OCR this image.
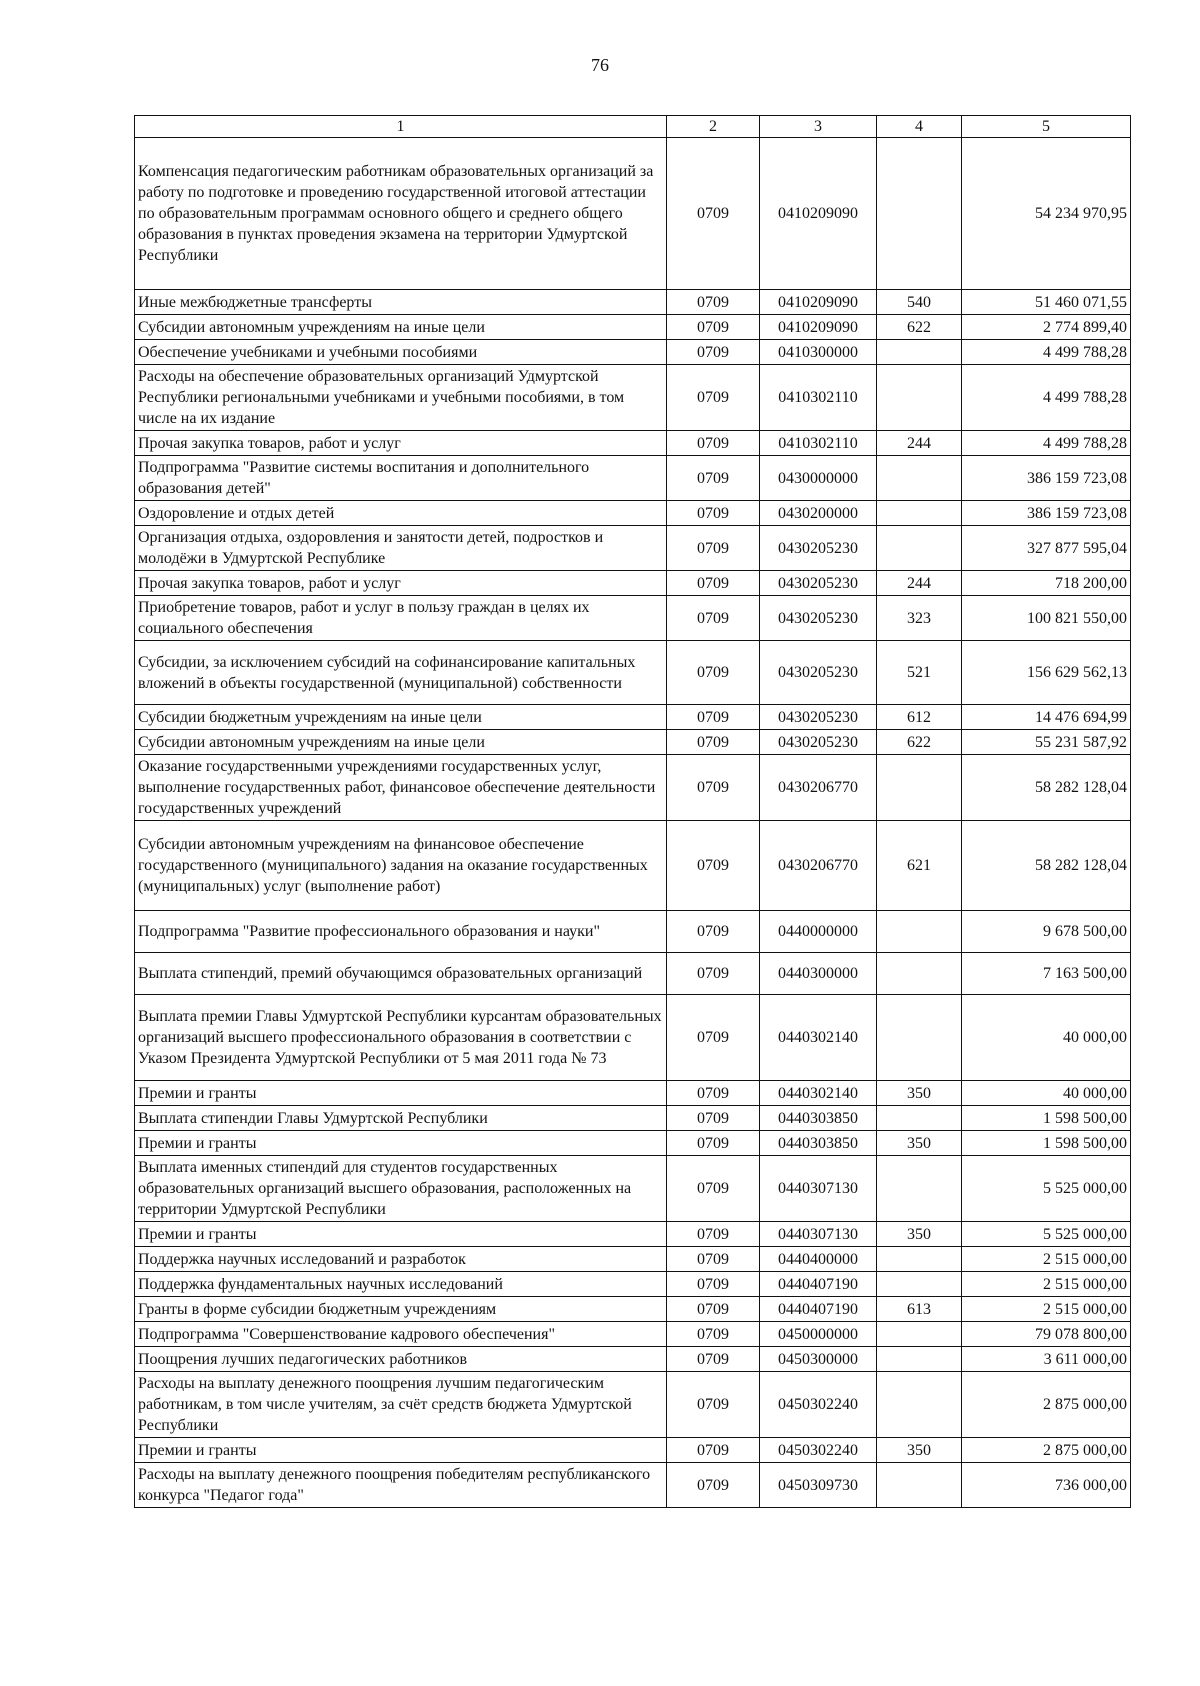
76
1	2	3	4	5
Компенсация педагогическим работникам образовательных организаций за работу по подготовке и проведению государственной итоговой аттестации по образовательным программам основного общего и среднего общего образования в пунктах проведения экзамена на территории Удмуртской Республики	0709	0410209090		54 234 970,95
Иные межбюджетные трансферты	0709	0410209090	540	51 460 071,55
Субсидии автономным учреждениям на иные цели	0709	0410209090	622	2 774 899,40
Обеспечение учебниками и учебными пособиями	0709	0410300000		4 499 788,28
Расходы на обеспечение образовательных организаций Удмуртской Республики региональными учебниками и учебными пособиями, в том числе на их издание	0709	0410302110		4 499 788,28
Прочая закупка товаров, работ и услуг	0709	0410302110	244	4 499 788,28
Подпрограмма "Развитие системы воспитания и дополнительного образования детей"	0709	0430000000		386 159 723,08
Оздоровление и отдых детей	0709	0430200000		386 159 723,08
Организация отдыха, оздоровления и занятости детей, подростков и молодёжи в Удмуртской Республике	0709	0430205230		327 877 595,04
Прочая закупка товаров, работ и услуг	0709	0430205230	244	718 200,00
Приобретение товаров, работ и услуг в пользу граждан в целях их социального обеспечения	0709	0430205230	323	100 821 550,00
Субсидии, за исключением субсидий на софинансирование капитальных вложений в объекты государственной (муниципальной) собственности	0709	0430205230	521	156 629 562,13
Субсидии бюджетным учреждениям на иные цели	0709	0430205230	612	14 476 694,99
Субсидии автономным учреждениям на иные цели	0709	0430205230	622	55 231 587,92
Оказание государственными учреждениями государственных услуг, выполнение государственных работ, финансовое обеспечение деятельности государственных учреждений	0709	0430206770		58 282 128,04
Субсидии автономным учреждениям на финансовое обеспечение государственного (муниципального) задания на оказание государственных (муниципальных) услуг (выполнение работ)	0709	0430206770	621	58 282 128,04
Подпрограмма "Развитие профессионального образования и науки"	0709	0440000000		9 678 500,00
Выплата стипендий, премий обучающимся образовательных организаций	0709	0440300000		7 163 500,00
Выплата премии Главы Удмуртской Республики курсантам образовательных организаций высшего профессионального образования в соответствии с Указом Президента Удмуртской Республики от 5 мая 2011 года № 73	0709	0440302140		40 000,00
Премии и гранты	0709	0440302140	350	40 000,00
Выплата стипендии Главы Удмуртской Республики	0709	0440303850		1 598 500,00
Премии и гранты	0709	0440303850	350	1 598 500,00
Выплата именных стипендий для студентов государственных образовательных организаций высшего образования, расположенных на территории Удмуртской Республики	0709	0440307130		5 525 000,00
Премии и гранты	0709	0440307130	350	5 525 000,00
Поддержка научных исследований и разработок	0709	0440400000		2 515 000,00
Поддержка фундаментальных научных исследований	0709	0440407190		2 515 000,00
Гранты в форме субсидии бюджетным учреждениям	0709	0440407190	613	2 515 000,00
Подпрограмма "Совершенствование кадрового обеспечения"	0709	0450000000		79 078 800,00
Поощрения лучших педагогических работников	0709	0450300000		3 611 000,00
Расходы на выплату денежного поощрения лучшим педагогическим работникам, в том числе учителям, за счёт средств бюджета Удмуртской Республики	0709	0450302240		2 875 000,00
Премии и гранты	0709	0450302240	350	2 875 000,00
Расходы на выплату денежного поощрения победителям республиканского конкурса "Педагог года"	0709	0450309730		736 000,00
